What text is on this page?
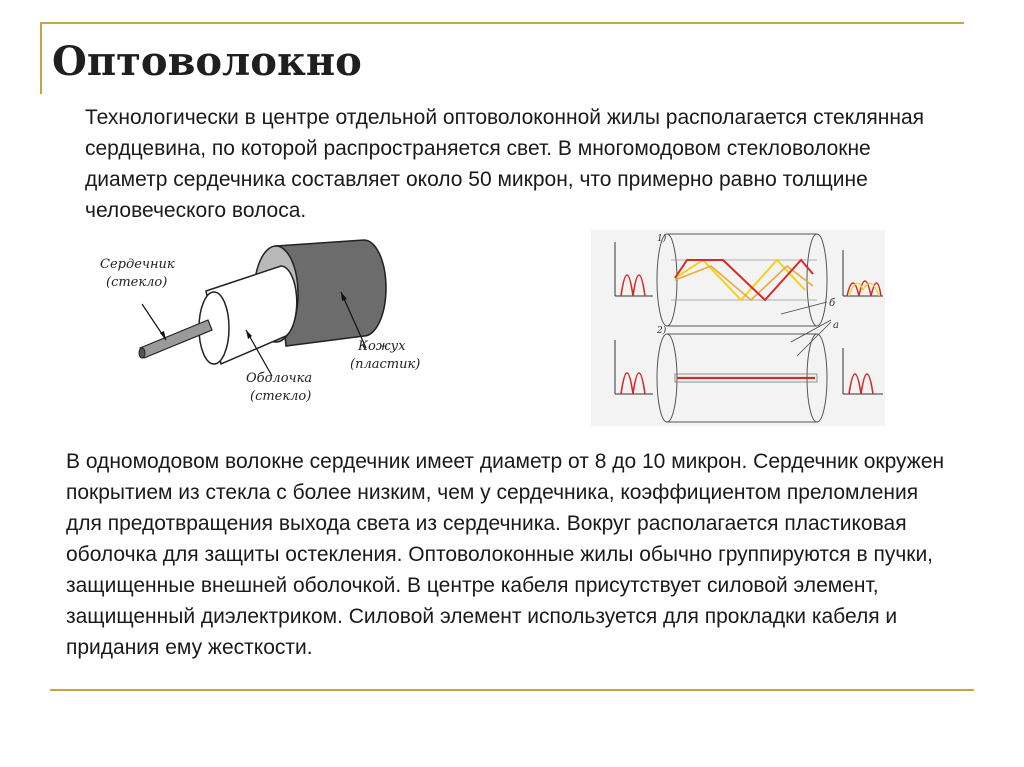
Оптоволокно

Технологически в центре отдельной оптоволоконной жилы располагается стеклянная сердцевина, по которой распространяется свет. В многомодовом стекловолокне диаметр сердечника составляет около 50 микрон, что примерно равно толщине человеческого волоса.

Сердечник
(стекло)
Оболочка
(стекло)
Кожух
(пластик)
1)
2)
б
а

В одномодовом волокне сердечник имеет диаметр от 8 до 10 микрон. Сердечник окружен покрытием из стекла с более низким, чем у сердечника, коэффициентом преломления для предотвращения выхода света из сердечника. Вокруг располагается пластиковая оболочка для защиты остекления. Оптоволоконные жилы обычно группируются в пучки, защищенные внешней оболочкой. В центре кабеля присутствует силовой элемент, защищенный диэлектриком. Силовой элемент используется для прокладки кабеля и придания ему жесткости.
